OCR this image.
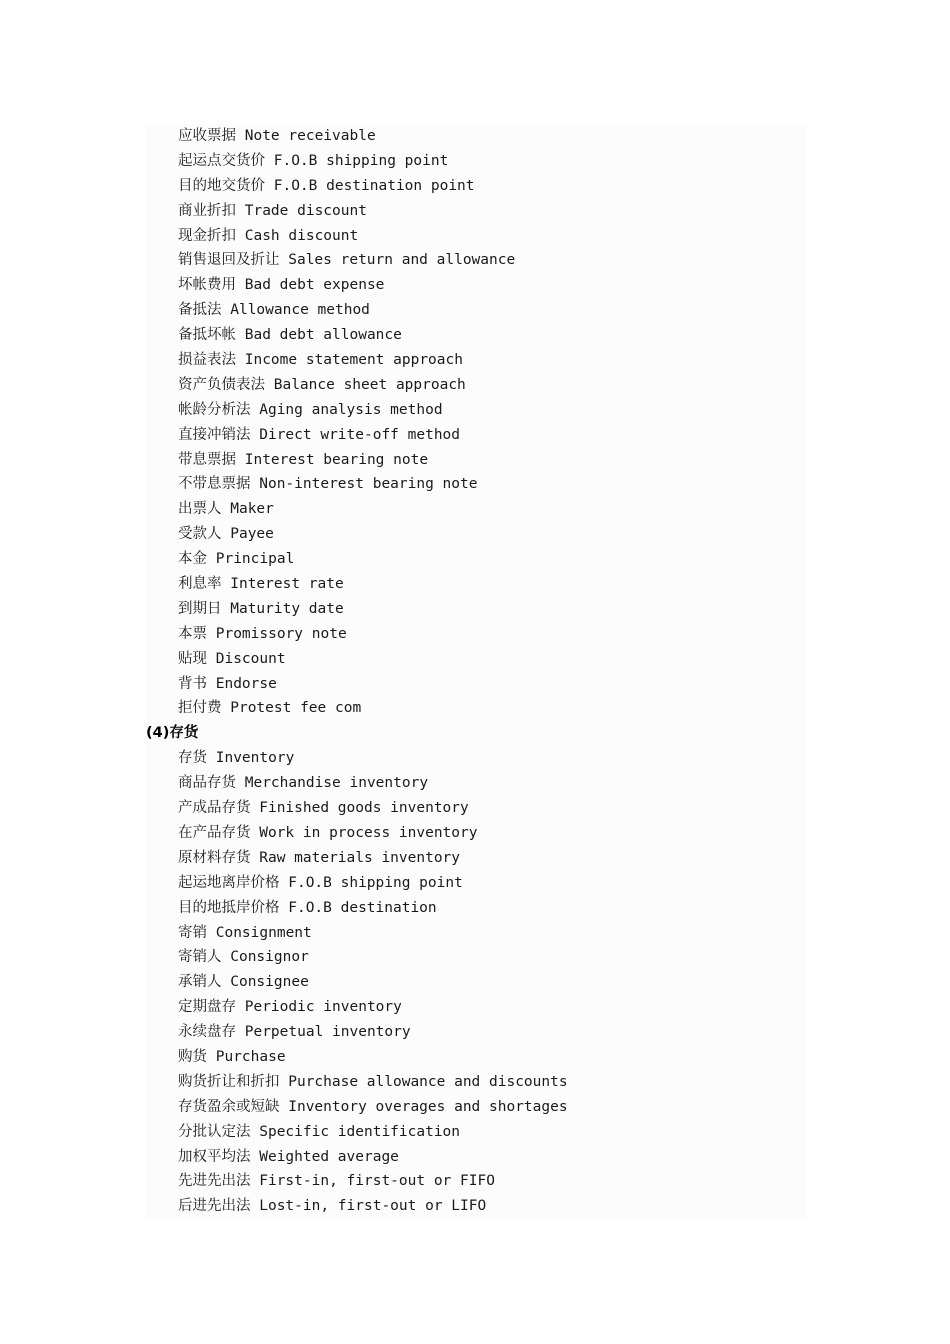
应收票据 Note receivable
起运点交货价 F.O.B shipping point
目的地交货价 F.O.B destination point
商业折扣 Trade discount
现金折扣 Cash discount
销售退回及折让 Sales return and allowance
坏帐费用 Bad debt expense
备抵法 Allowance method
备抵坏帐 Bad debt allowance
损益表法 Income statement approach
资产负债表法 Balance sheet approach
帐龄分析法 Aging analysis method
直接冲销法 Direct write-off method
带息票据 Interest bearing note
不带息票据 Non-interest bearing note
出票人 Maker
受款人 Payee
本金 Principal
利息率 Interest rate
到期日 Maturity date
本票 Promissory note
贴现 Discount
背书 Endorse
拒付费 Protest fee com
(4)存货
存货 Inventory
商品存货 Merchandise inventory
产成品存货 Finished goods inventory
在产品存货 Work in process inventory
原材料存货 Raw materials inventory
起运地离岸价格 F.O.B shipping point
目的地抵岸价格 F.O.B destination
寄销 Consignment
寄销人 Consignor
承销人 Consignee
定期盘存 Periodic inventory
永续盘存 Perpetual inventory
购货 Purchase
购货折让和折扣 Purchase allowance and discounts
存货盈余或短缺 Inventory overages and shortages
分批认定法 Specific identification
加权平均法 Weighted average
先进先出法 First-in, first-out or FIFO
后进先出法 Lost-in, first-out or LIFO
